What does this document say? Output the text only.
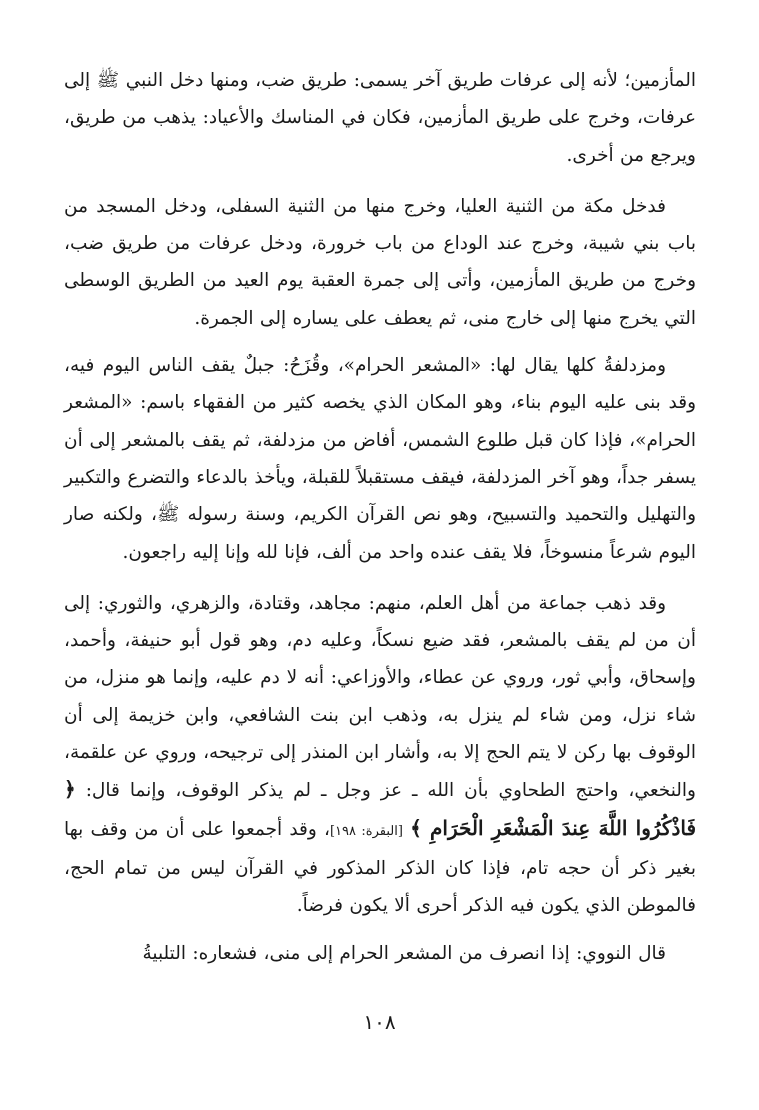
المأزمين؛ لأنه إلى عرفات طريق آخر يسمى: طريق ضب، ومنها دخل النبي ﷺ إلى عرفات، وخرج على طريق المأزمين، فكان في المناسك والأعياد: يذهب من طريق، ويرجع من أخرى.

فدخل مكة من الثنية العليا، وخرج منها من الثنية السفلى، ودخل المسجد من باب بني شيبة، وخرج عند الوداع من باب خرورة، ودخل عرفات من طريق ضب، وخرج من طريق المأزمين، وأتى إلى جمرة العقبة يوم العيد من الطريق الوسطى التي يخرج منها إلى خارج منى، ثم يعطف على يساره إلى الجمرة.

ومزدلفةُ كلها يقال لها: «المشعر الحرام»، وقُزَحُ: جبلٌ يقف الناس اليوم فيه، وقد بنى عليه اليوم بناء، وهو المكان الذي يخصه كثير من الفقهاء باسم: «المشعر الحرام»، فإذا كان قبل طلوع الشمس، أفاض من مزدلفة، ثم يقف بالمشعر إلى أن يسفر جداً، وهو آخر المزدلفة، فيقف مستقبلاً للقبلة، ويأخذ بالدعاء والتضرع والتكبير والتهليل والتحميد والتسبيح، وهو نص القرآن الكريم، وسنة رسوله ﷺ، ولكنه صار اليوم شرعاً منسوخاً، فلا يقف عنده واحد من ألف، فإنا لله وإنا إليه راجعون.

وقد ذهب جماعة من أهل العلم، منهم: مجاهد، وقتادة، والزهري، والثوري: إلى أن من لم يقف بالمشعر، فقد ضيع نسكاً، وعليه دم، وهو قول أبو حنيفة، وأحمد، وإسحاق، وأبي ثور، وروي عن عطاء، والأوزاعي: أنه لا دم عليه، وإنما هو منزل، من شاء نزل، ومن شاء لم ينزل به، وذهب ابن بنت الشافعي، وابن خزيمة إلى أن الوقوف بها ركن لا يتم الحج إلا به، وأشار ابن المنذر إلى ترجيحه، وروي عن علقمة، والنخعي، واحتج الطحاوي بأن الله ـ عز وجل ـ لم يذكر الوقوف، وإنما قال: ﴿ فَاذْكُرُوا اللَّهَ عِندَ الْمَشْعَرِ الْحَرَامِ ﴾ [البقرة: ١٩٨]، وقد أجمعوا على أن من وقف بها بغير ذكر أن حجه تام، فإذا كان الذكر المذكور في القرآن ليس من تمام الحج، فالموطن الذي يكون فيه الذكر أحرى ألا يكون فرضاً.

قال النووي: إذا انصرف من المشعر الحرام إلى منى، فشعاره: التلبيةُ

١٠٨
